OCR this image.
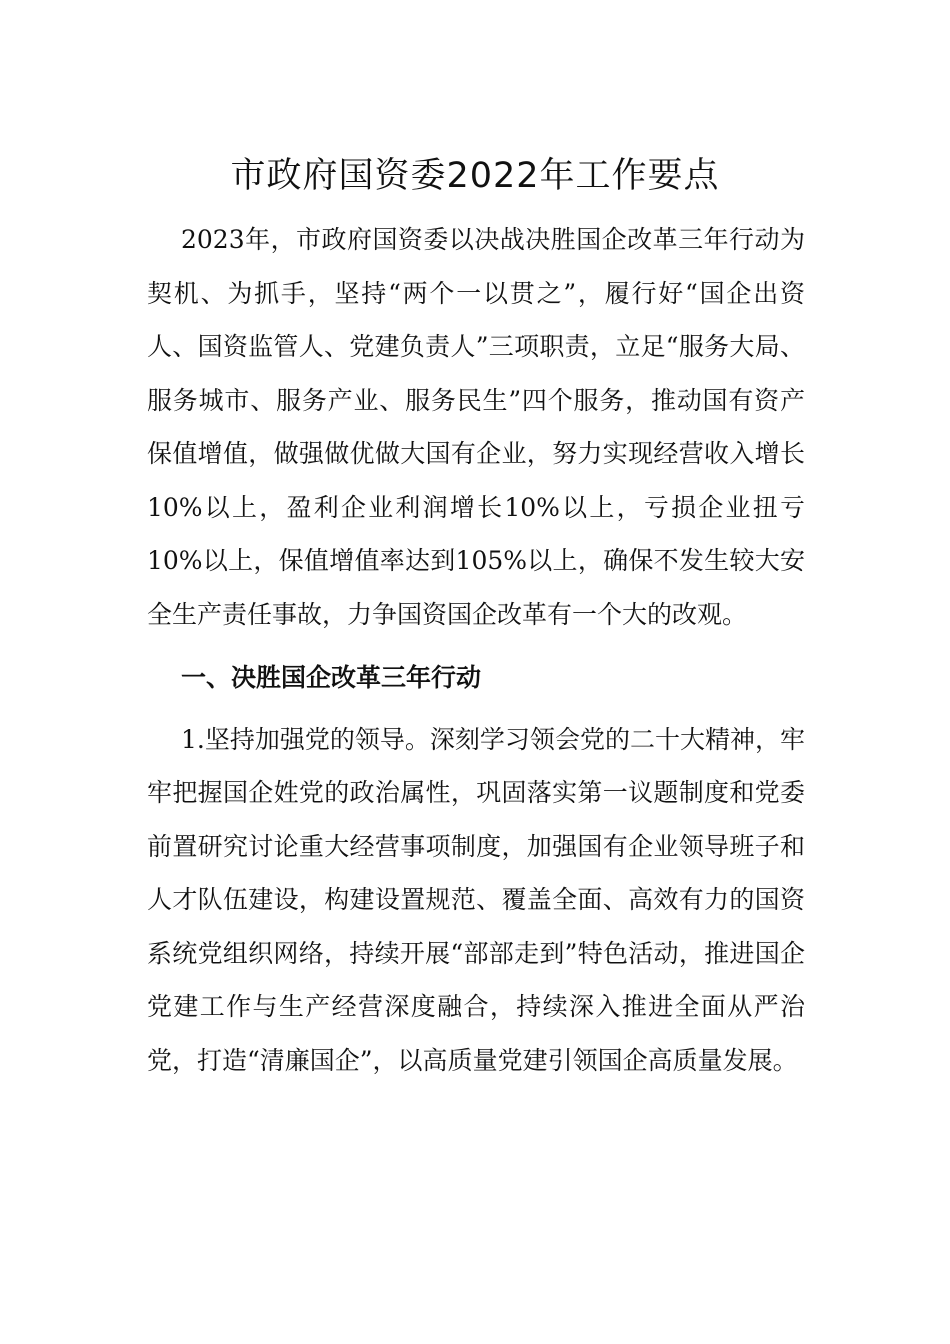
市政府国资委2022年工作要点

2023年，市政府国资委以决战决胜国企改革三年行动为契机、为抓手，坚持“两个一以贯之”，履行好“国企出资人、国资监管人、党建负责人”三项职责，立足“服务大局、服务城市、服务产业、服务民生”四个服务，推动国有资产保值增值，做强做优做大国有企业，努力实现经营收入增长10%以上，盈利企业利润增长10%以上，亏损企业扭亏10%以上，保值增值率达到105%以上，确保不发生较大安全生产责任事故，力争国资国企改革有一个大的改观。

一、决胜国企改革三年行动

1.坚持加强党的领导。深刻学习领会党的二十大精神，牢牢把握国企姓党的政治属性，巩固落实第一议题制度和党委前置研究讨论重大经营事项制度，加强国有企业领导班子和人才队伍建设，构建设置规范、覆盖全面、高效有力的国资系统党组织网络，持续开展“部部走到”特色活动，推进国企党建工作与生产经营深度融合，持续深入推进全面从严治党，打造“清廉国企”，以高质量党建引领国企高质量发展。
